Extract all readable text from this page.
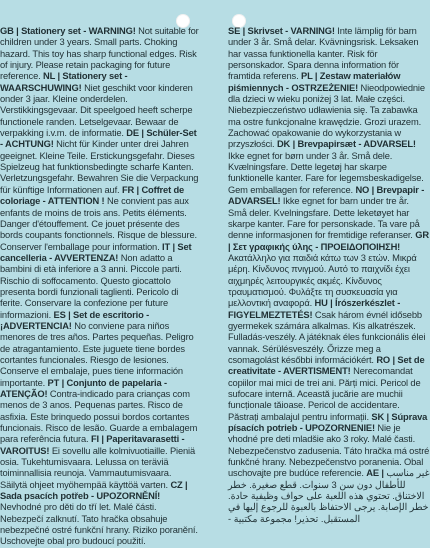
GB | Stationery set - WARNING! Not suitable for children under 3 years. Small parts. Choking hazard. This toy has sharp functional edges. Risk of injury. Please retain packaging for future reference. NL | Stationery set - WAARSCHUWING! Niet geschikt voor kinderen onder 3 jaar. Kleine onderdelen. Verstikkingsgevaar. Dit speelgoed heeft scherpe functionele randen. Letselgevaar. Bewaar de verpakking i.v.m. de informatie. DE | Schüler-Set - ACHTUNG! Nicht für Kinder unter drei Jahren geeignet. Kleine Teile. Erstickungsgefahr. Dieses Spielzeug hat funktionsbedingte scharfe Kanten. Verletzungsgefahr. Bewahren Sie die Verpackung für künftige Informationen auf. FR | Coffret de coloriage - ATTENTION ! Ne convient pas aux enfants de moins de trois ans. Petits éléments. Danger d'étouffement. Ce jouet présente des bords coupants fonctionnels. Risque de blessure. Conserver l'emballage pour information. IT | Set cancelleria - AVVERTENZA! Non adatto a bambini di età inferiore a 3 anni. Piccole parti. Rischio di soffocamento. Questo giocattolo presenta bordi funzionali taglienti. Pericolo di ferite. Conservare la confezione per future informazioni. ES | Set de escritorio - ¡ADVERTENCIA! No conviene para niños menores de tres años. Partes pequeñas. Peligro de atragantamiento. Este juguete tiene bordes cortantes funcionales. Riesgo de lesiones. Conserve el embalaje, pues tiene información importante. PT | Conjunto de papelaria - ATENÇÃO! Contra-indicado para crianças com menos de 3 anos. Pequenas partes. Risco de asfixia. Este brinquedo possui bordos cortantes funcionais. Risco de lesão. Guarde a embalagem para referência futura. FI | Paperitavarasetti - VAROITUS! Ei sovellu alle kolmivuotiaille. Pieniä osia. Tukehtumisvaara. Lelussa on teräviä toiminnallisia reunoja. Vammautumisvaara. Säilytä ohjeet myöhempää käyttöä varten. CZ | Sada psacích potřeb - UPOZORNĚNÍ! Nevhodné pro děti do tří let. Malé části. Nebezpečí zalknutí. Tato hračka obsahuje nebezpečné ostré funkční hrany. Riziko poranění. Uschovejte obal pro budoucí použití.

SE | Skrivset - VARNING! Inte lämplig för barn under 3 år. Små delar. Kvävningsrisk. Leksaken har vassa funktionella kanter. Risk för personskador. Spara denna information för framtida referens. PL | Zestaw materiałów piśmiennych - OSTRZEŻENIE! Nieodpowiednie dla dzieci w wieku poniżej 3 lat. Małe części. Niebezpieczeństwo udławienia się. Ta zabawka ma ostre funkcjonalne krawędzie. Grozi urazem. Zachować opakowanie do wykorzystania w przyszłości. DK | Brevpapirsæt - ADVARSEL! Ikke egnet for børn under 3 år. Små dele. Kvælningsfare. Dette legetøj har skarpe funktionelle kanter. Fare for legemsbeskadigelse. Gem emballagen for reference. NO | Brevpapir - ADVARSEL! Ikke egnet for barn under tre år. Små deler. Kvelningsfare. Dette leketøyet har skarpe kanter. Fare for personskade. Ta vare på denne informasjonen for fremtidige referanser. GR | Σετ γραφικής ύλης - ΠΡΟΕΙΔΟΠΟΙΗΣΗ! Ακατάλληλο για παιδιά κάτω των 3 ετών. Μικρά μέρη. Κίνδυνος πνιγμού. Αυτό το παιχνίδι έχει αιχμηρές λειτουργικές ακμές. Κίνδυνος τραυματισμού. Φυλάξτε τη συσκευασία για μελλοντική αναφορά. HU | Írószerkészlet - FIGYELMEZTETÉS! Csak három évnél idősebb gyermekek számára alkalmas. Kis alkatrészek. Fulladás-veszély. A játéknak éles funkcionális élei vannak. Sérülésveszély. Őrizze meg a csomagolást későbbi információkért. RO | Set de creativitate - AVERTISMENT! Nerecomandat copiilor mai mici de trei ani. Părți mici. Pericol de sufocare internă. Această jucărie are muchii funcționale tăioase. Pericol de accidentare. Păstrați ambalajul pentru informații. SK | Súprava písacích potrieb - UPOZORNENIE! Nie je vhodné pre deti mladšie ako 3 roky. Malé časti. Nebezpečenstvo zadusenia. Táto hračka má ostré funkčné hrany. Nebezpečenstvo poranenia. Obal uschovajte pre budúce referencie. AE | غير مناسب للأطفال دون سن 3 سنوات. قطع صغيرة. خطر الاختناق. تحتوي هذه اللعبة على حواف وظيفية حادة. خطر الإصابة. يرجى الاحتفاظ بالعبوة للرجوع إليها في المستقبل. تحذير! مجموعة مكتبية -
